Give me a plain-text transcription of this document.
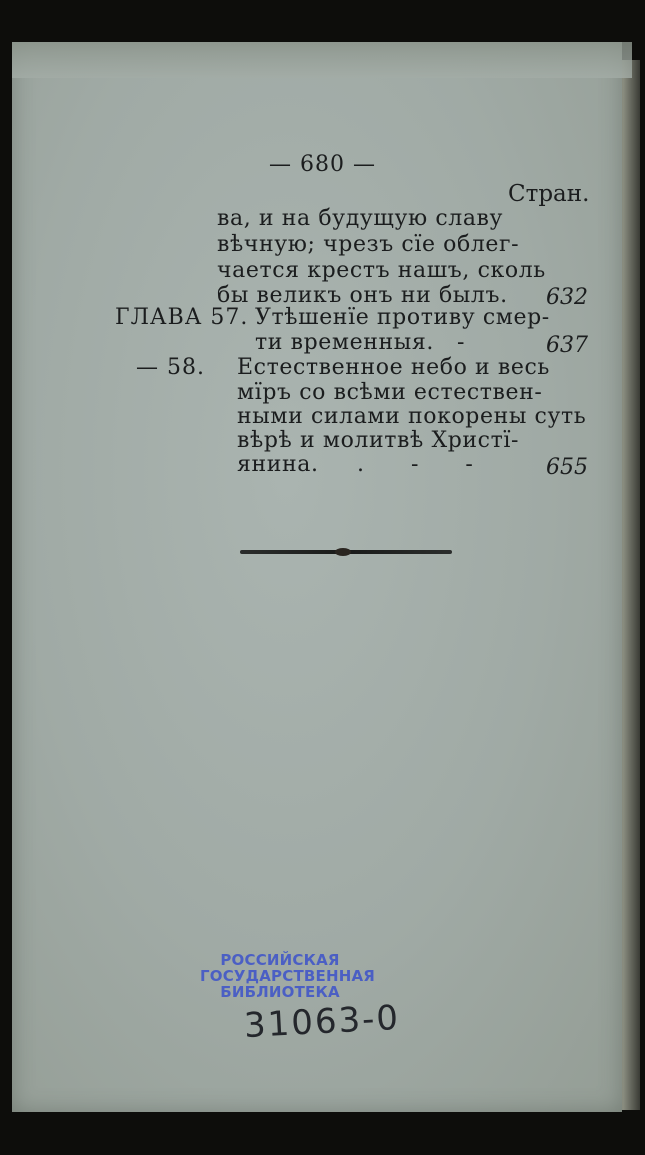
— 680 —
Стран.
ва, и на будущую славу
вѣчную; чрезъ сїе облег-
чается крестъ нашъ, сколь
бы великъ онъ ни былъ. 632
ГЛАВА 57. Утѣшенїе противу смер-
ти временныя. -	637
— 58. Естественное небо и весь
мїръ со всѣми естествен-
ными силами покорены суть
вѣрѣ и молитвѣ Христї-
янина. . - - 655
РОССИЙСКАЯ
ГОСУДАРСТВЕННАЯ
БИБЛИОТЕКА
31063-0
